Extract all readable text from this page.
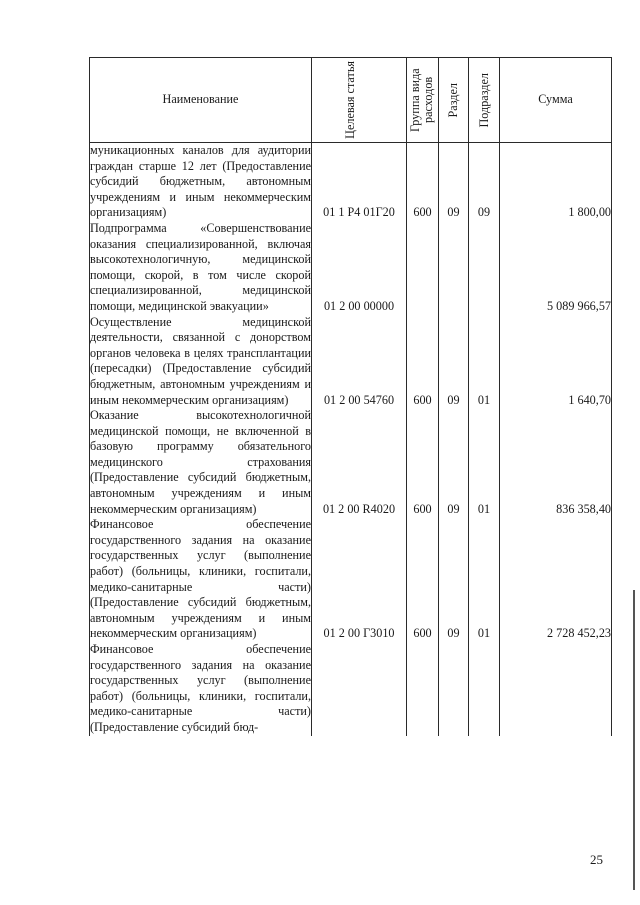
Наименование	Целевая статья	Группа вида расходов	Раздел	Подраздел	Сумма
муникационных каналов для аудитории граждан старше 12 лет (Предоставление субсидий бюджетным, автономным учреждениям и иным некоммерческим организациям)	01 1 Р4 01Г20	600	09	09	1 800,00
Подпрограмма «Совершенствование оказания специализированной, включая высокотехнологичную, медицинской помощи, скорой, в том числе скорой специализированной, медицинской помощи, медицинской эвакуации»	01 2 00 00000				5 089 966,57
Осуществление медицинской деятельности, связанной с донорством органов человека в целях трансплантации (пересадки) (Предоставление субсидий бюджетным, автономным учреждениям и иным некоммерческим организациям)	01 2 00 54760	600	09	01	1 640,70
Оказание высокотехнологичной медицинской помощи, не включенной в базовую программу обязательного медицинского страхования (Предоставление субсидий бюджетным, автономным учреждениям и иным некоммерческим организациям)	01 2 00 R4020	600	09	01	836 358,40
Финансовое обеспечение государственного задания на оказание государственных услуг (выполнение работ) (больницы, клиники, госпитали, медико-санитарные части) (Предоставление субсидий бюджетным, автономным учреждениям и иным некоммерческим организациям)	01 2 00 Г3010	600	09	01	2 728 452,23
Финансовое обеспечение государственного задания на оказание государственных услуг (выполнение работ) (больницы, клиники, госпитали, медико-санитарные части) (Предоставление субсидий бюд-					
25
